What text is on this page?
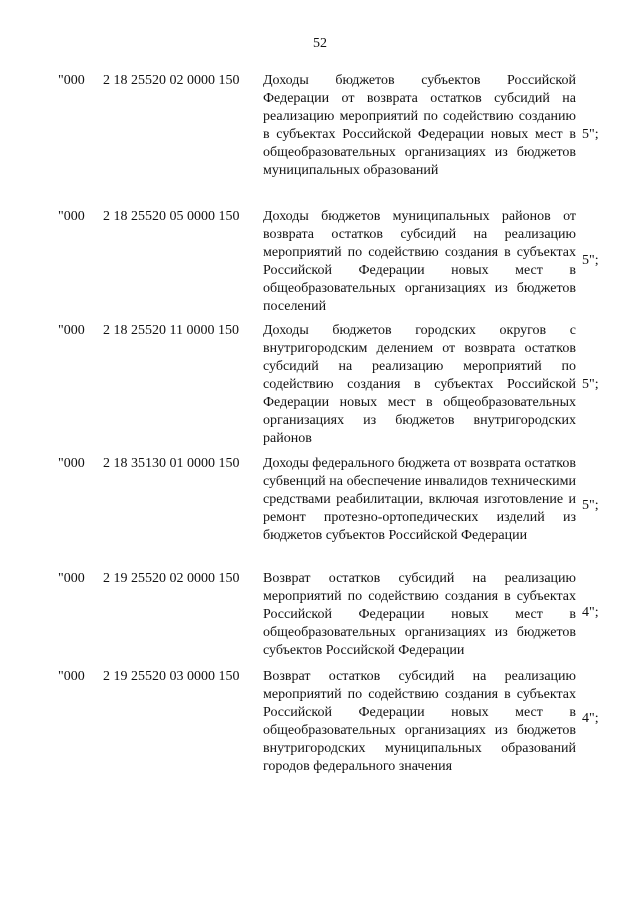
52
"000 2 18 25520 02 0000 150 Доходы бюджетов субъектов Российской Федерации от возврата остатков субсидий на реализацию мероприятий по содействию созданию в субъектах Российской Федерации новых мест в общеобразовательных организациях из бюджетов муниципальных образований
5";
"000 2 18 25520 05 0000 150 Доходы бюджетов муниципальных районов от возврата остатков субсидий на реализацию мероприятий по содействию создания в субъектах Российской Федерации новых мест в общеобразовательных организациях из бюджетов поселений
5";
"000 2 18 25520 11 0000 150 Доходы бюджетов городских округов с внутригородским делением от возврата остатков субсидий на реализацию мероприятий по содействию создания в субъектах Российской Федерации новых мест в общеобразовательных организациях из бюджетов внутригородских районов
5";
"000 2 18 35130 01 0000 150 Доходы федерального бюджета от возврата остатков субвенций на обеспечение инвалидов техническими средствами реабилитации, включая изготовление и ремонт протезно-ортопедических изделий из бюджетов субъектов Российской Федерации
5";
"000 2 19 25520 02 0000 150 Возврат остатков субсидий на реализацию мероприятий по содействию создания в субъектах Российской Федерации новых мест в общеобразовательных организациях из бюджетов субъектов Российской Федерации
4";
"000 2 19 25520 03 0000 150 Возврат остатков субсидий на реализацию мероприятий по содействию создания в субъектах Российской Федерации новых мест в общеобразовательных организациях из бюджетов внутригородских муниципальных образований городов федерального значения
4";
